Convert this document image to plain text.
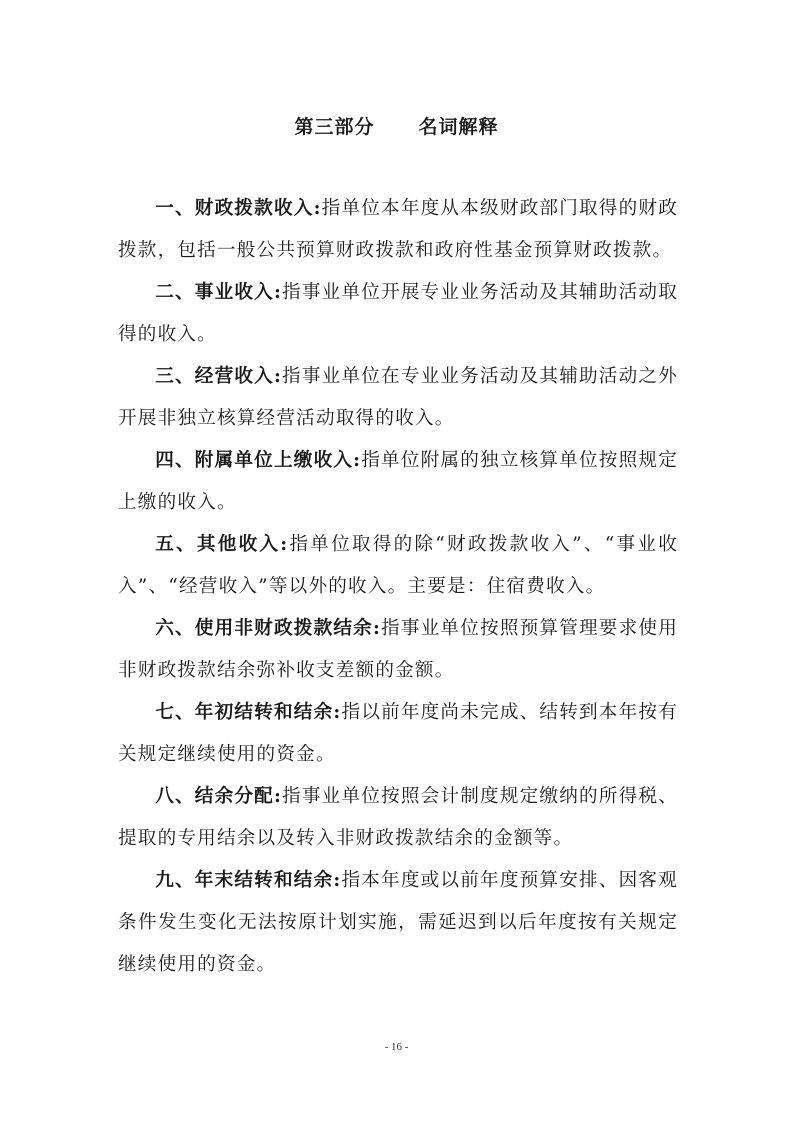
第三部分 名词解释

一、财政拨款收入:指单位本年度从本级财政部门取得的财政拨款，包括一般公共预算财政拨款和政府性基金预算财政拨款。

二、事业收入:指事业单位开展专业业务活动及其辅助活动取得的收入。

三、经营收入:指事业单位在专业业务活动及其辅助活动之外开展非独立核算经营活动取得的收入。

四、附属单位上缴收入:指单位附属的独立核算单位按照规定上缴的收入。

五、其他收入:指单位取得的除“财政拨款收入”、“事业收入”、“经营收入”等以外的收入。主要是：住宿费收入。

六、使用非财政拨款结余:指事业单位按照预算管理要求使用非财政拨款结余弥补收支差额的金额。

七、年初结转和结余:指以前年度尚未完成、结转到本年按有关规定继续使用的资金。

八、结余分配:指事业单位按照会计制度规定缴纳的所得税、提取的专用结余以及转入非财政拨款结余的金额等。

九、年末结转和结余:指本年度或以前年度预算安排、因客观条件发生变化无法按原计划实施，需延迟到以后年度按有关规定继续使用的资金。

- 16 -
